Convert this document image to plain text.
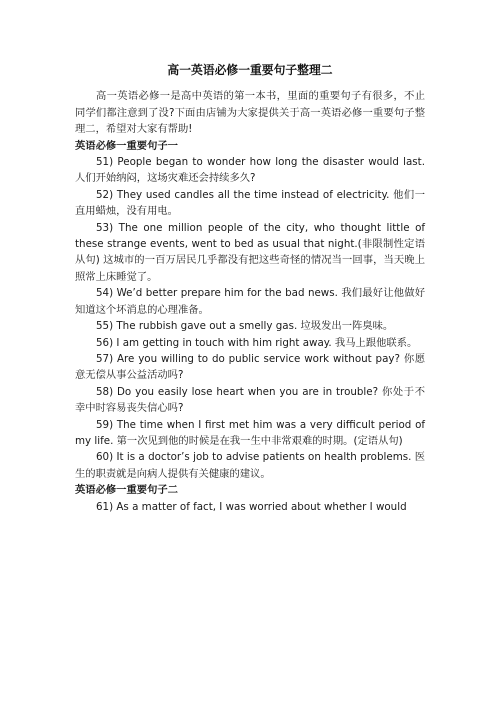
高一英语必修一重要句子整理二

高一英语必修一是高中英语的第一本书，里面的重要句子有很多，不止同学们都注意到了没?下面由店铺为大家提供关于高一英语必修一重要句子整理二，希望对大家有帮助!

英语必修一重要句子一

51) People began to wonder how long the disaster would last. 人们开始纳闷，这场灾难还会持续多久?

52) They used candles all the time instead of electricity. 他们一直用蜡烛，没有用电。

53) The one million people of the city, who thought little of these strange events, went to bed as usual that night.(非限制性定语从句) 这城市的一百万居民几乎都没有把这些奇怪的情况当一回事，当天晚上照常上床睡觉了。

54) We’d better prepare him for the bad news. 我们最好让他做好知道这个坏消息的心理准备。

55) The rubbish gave out a smelly gas. 垃圾发出一阵臭味。

56) I am getting in touch with him right away. 我马上跟他联系。

57) Are you willing to do public service work without pay? 你愿意无偿从事公益活动吗?

58) Do you easily lose heart when you are in trouble? 你处于不幸中时容易丧失信心吗?

59) The time when I first met him was a very difficult period of my life. 第一次见到他的时候是在我一生中非常艰难的时期。(定语从句)

60) It is a doctor’s job to advise patients on health problems. 医生的职责就是向病人提供有关健康的建议。

英语必修一重要句子二

61) As a matter of fact, I was worried about whether I would
